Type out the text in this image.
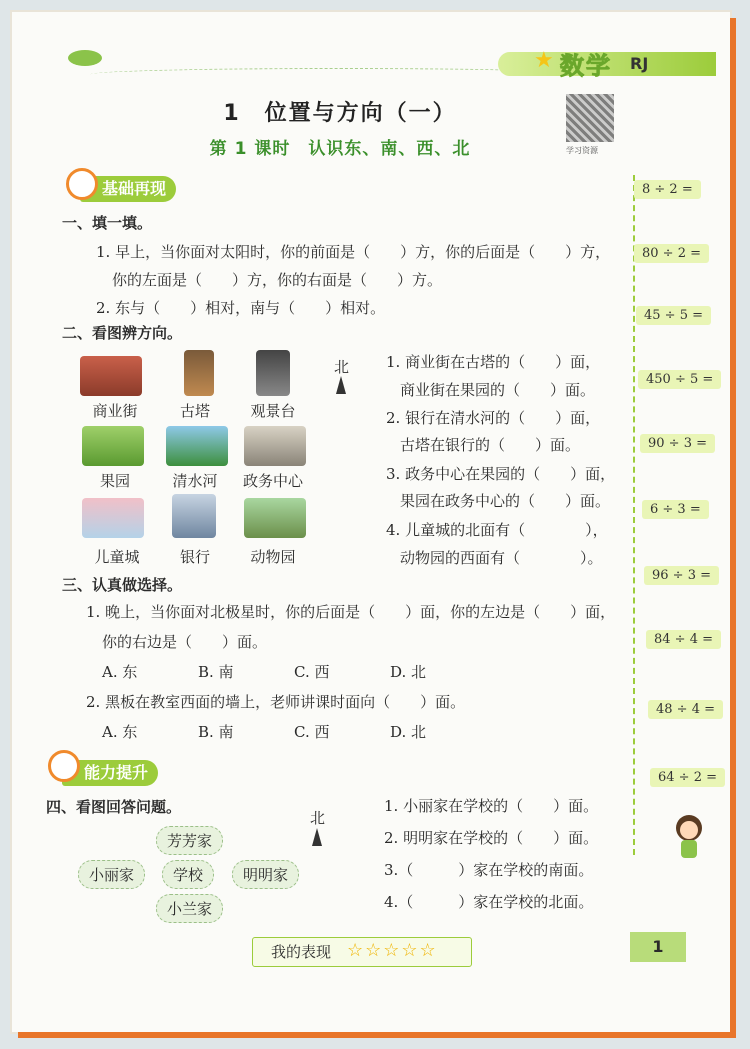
★ 数学 RJ
1　位置与方向（一）
第 1 课时　认识东、南、西、北	学习资源
基础再现
一、填一填。
1. 早上，当你面对太阳时，你的前面是（　　）方，你的后面是（　　）方，
你的左面是（　　）方，你的右面是（　　）方。
2. 东与（　　）相对，南与（　　）相对。
二、看图辨方向。
商业街	古塔	观景台
果园	清水河	政务中心
儿童城	银行	动物园
北 1. 商业街在古塔的（　　）面，
商业街在果园的（　　）面。
2. 银行在清水河的（　　）面，
古塔在银行的（　　）面。
3. 政务中心在果园的（　　）面，
果园在政务中心的（　　）面。
4. 儿童城的北面有（　　　　），
动物园的西面有（　　　　）。
三、认真做选择。
1. 晚上，当你面对北极星时，你的后面是（　　）面，你的左边是（　　）面，
你的右边是（　　）面。
A. 东	B. 南	C. 西	D. 北
2. 黑板在教室西面的墙上，老师讲课时面向（　　）面。
A. 东	B. 南	C. 西	D. 北
能力提升
四、看图回答问题。
北
芳芳家
小丽家	学校	明明家
小兰家
1. 小丽家在学校的（　　）面。
2. 明明家在学校的（　　）面。
3.（　　　）家在学校的南面。
4.（　　　）家在学校的北面。
8 ÷ 2 =
80 ÷ 2 =
45 ÷ 5 =
450 ÷ 5 =
90 ÷ 3 =
6 ÷ 3 =
96 ÷ 3 =
84 ÷ 4 =
48 ÷ 4 =
64 ÷ 2 =
我的表现 ☆☆☆☆☆	1
